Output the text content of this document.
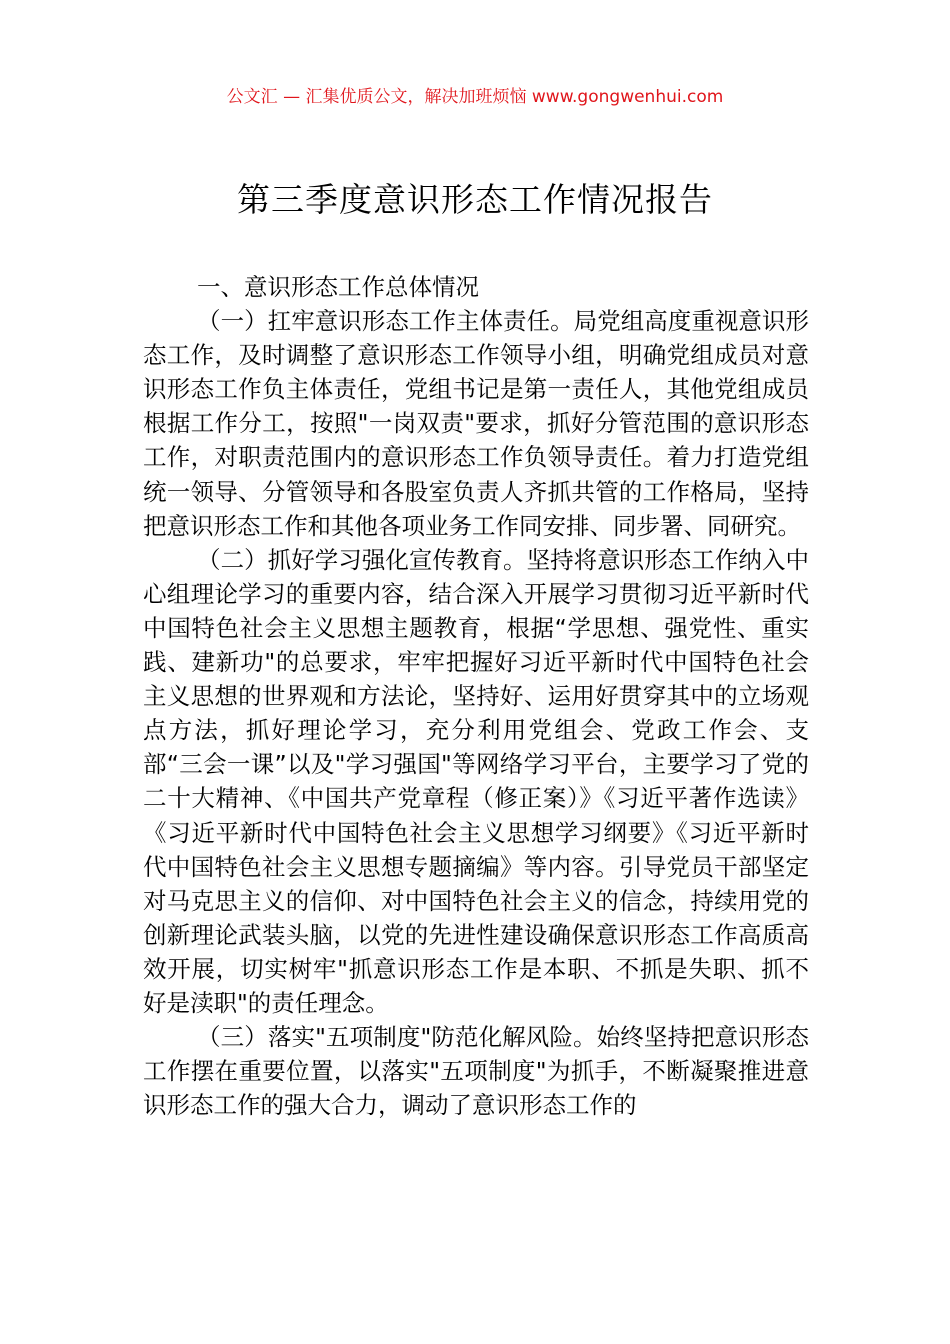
公文汇 — 汇集优质公文，解决加班烦恼 www.gongwenhui.com
第三季度意识形态工作情况报告

一、意识形态工作总体情况

（一）扛牢意识形态工作主体责任。局党组高度重视意识形态工作，及时调整了意识形态工作领导小组，明确党组成员对意识形态工作负主体责任，党组书记是第一责任人，其他党组成员根据工作分工，按照"一岗双责"要求，抓好分管范围的意识形态工作，对职责范围内的意识形态工作负领导责任。着力打造党组统一领导、分管领导和各股室负责人齐抓共管的工作格局，坚持把意识形态工作和其他各项业务工作同安排、同步署、同研究。

（二）抓好学习强化宣传教育。坚持将意识形态工作纳入中心组理论学习的重要内容，结合深入开展学习贯彻习近平新时代中国特色社会主义思想主题教育，根据“学思想、强党性、重实践、建新功"的总要求，牢牢把握好习近平新时代中国特色社会主义思想的世界观和方法论，坚持好、运用好贯穿其中的立场观点方法，抓好理论学习，充分利用党组会、党政工作会、支部“三会一课”以及"学习强国"等网络学习平台，主要学习了党的二十大精神、《中国共产党章程（修正案）》《习近平著作选读》《习近平新时代中国特色社会主义思想学习纲要》《习近平新时代中国特色社会主义思想专题摘编》等内容。引导党员干部坚定对马克思主义的信仰、对中国特色社会主义的信念，持续用党的创新理论武装头脑，以党的先进性建设确保意识形态工作高质高效开展，切实树牢"抓意识形态工作是本职、不抓是失职、抓不好是渎职"的责任理念。

（三）落实"五项制度"防范化解风险。始终坚持把意识形态工作摆在重要位置，以落实"五项制度"为抓手，不断凝聚推进意识形态工作的强大合力，调动了意识形态工作的
